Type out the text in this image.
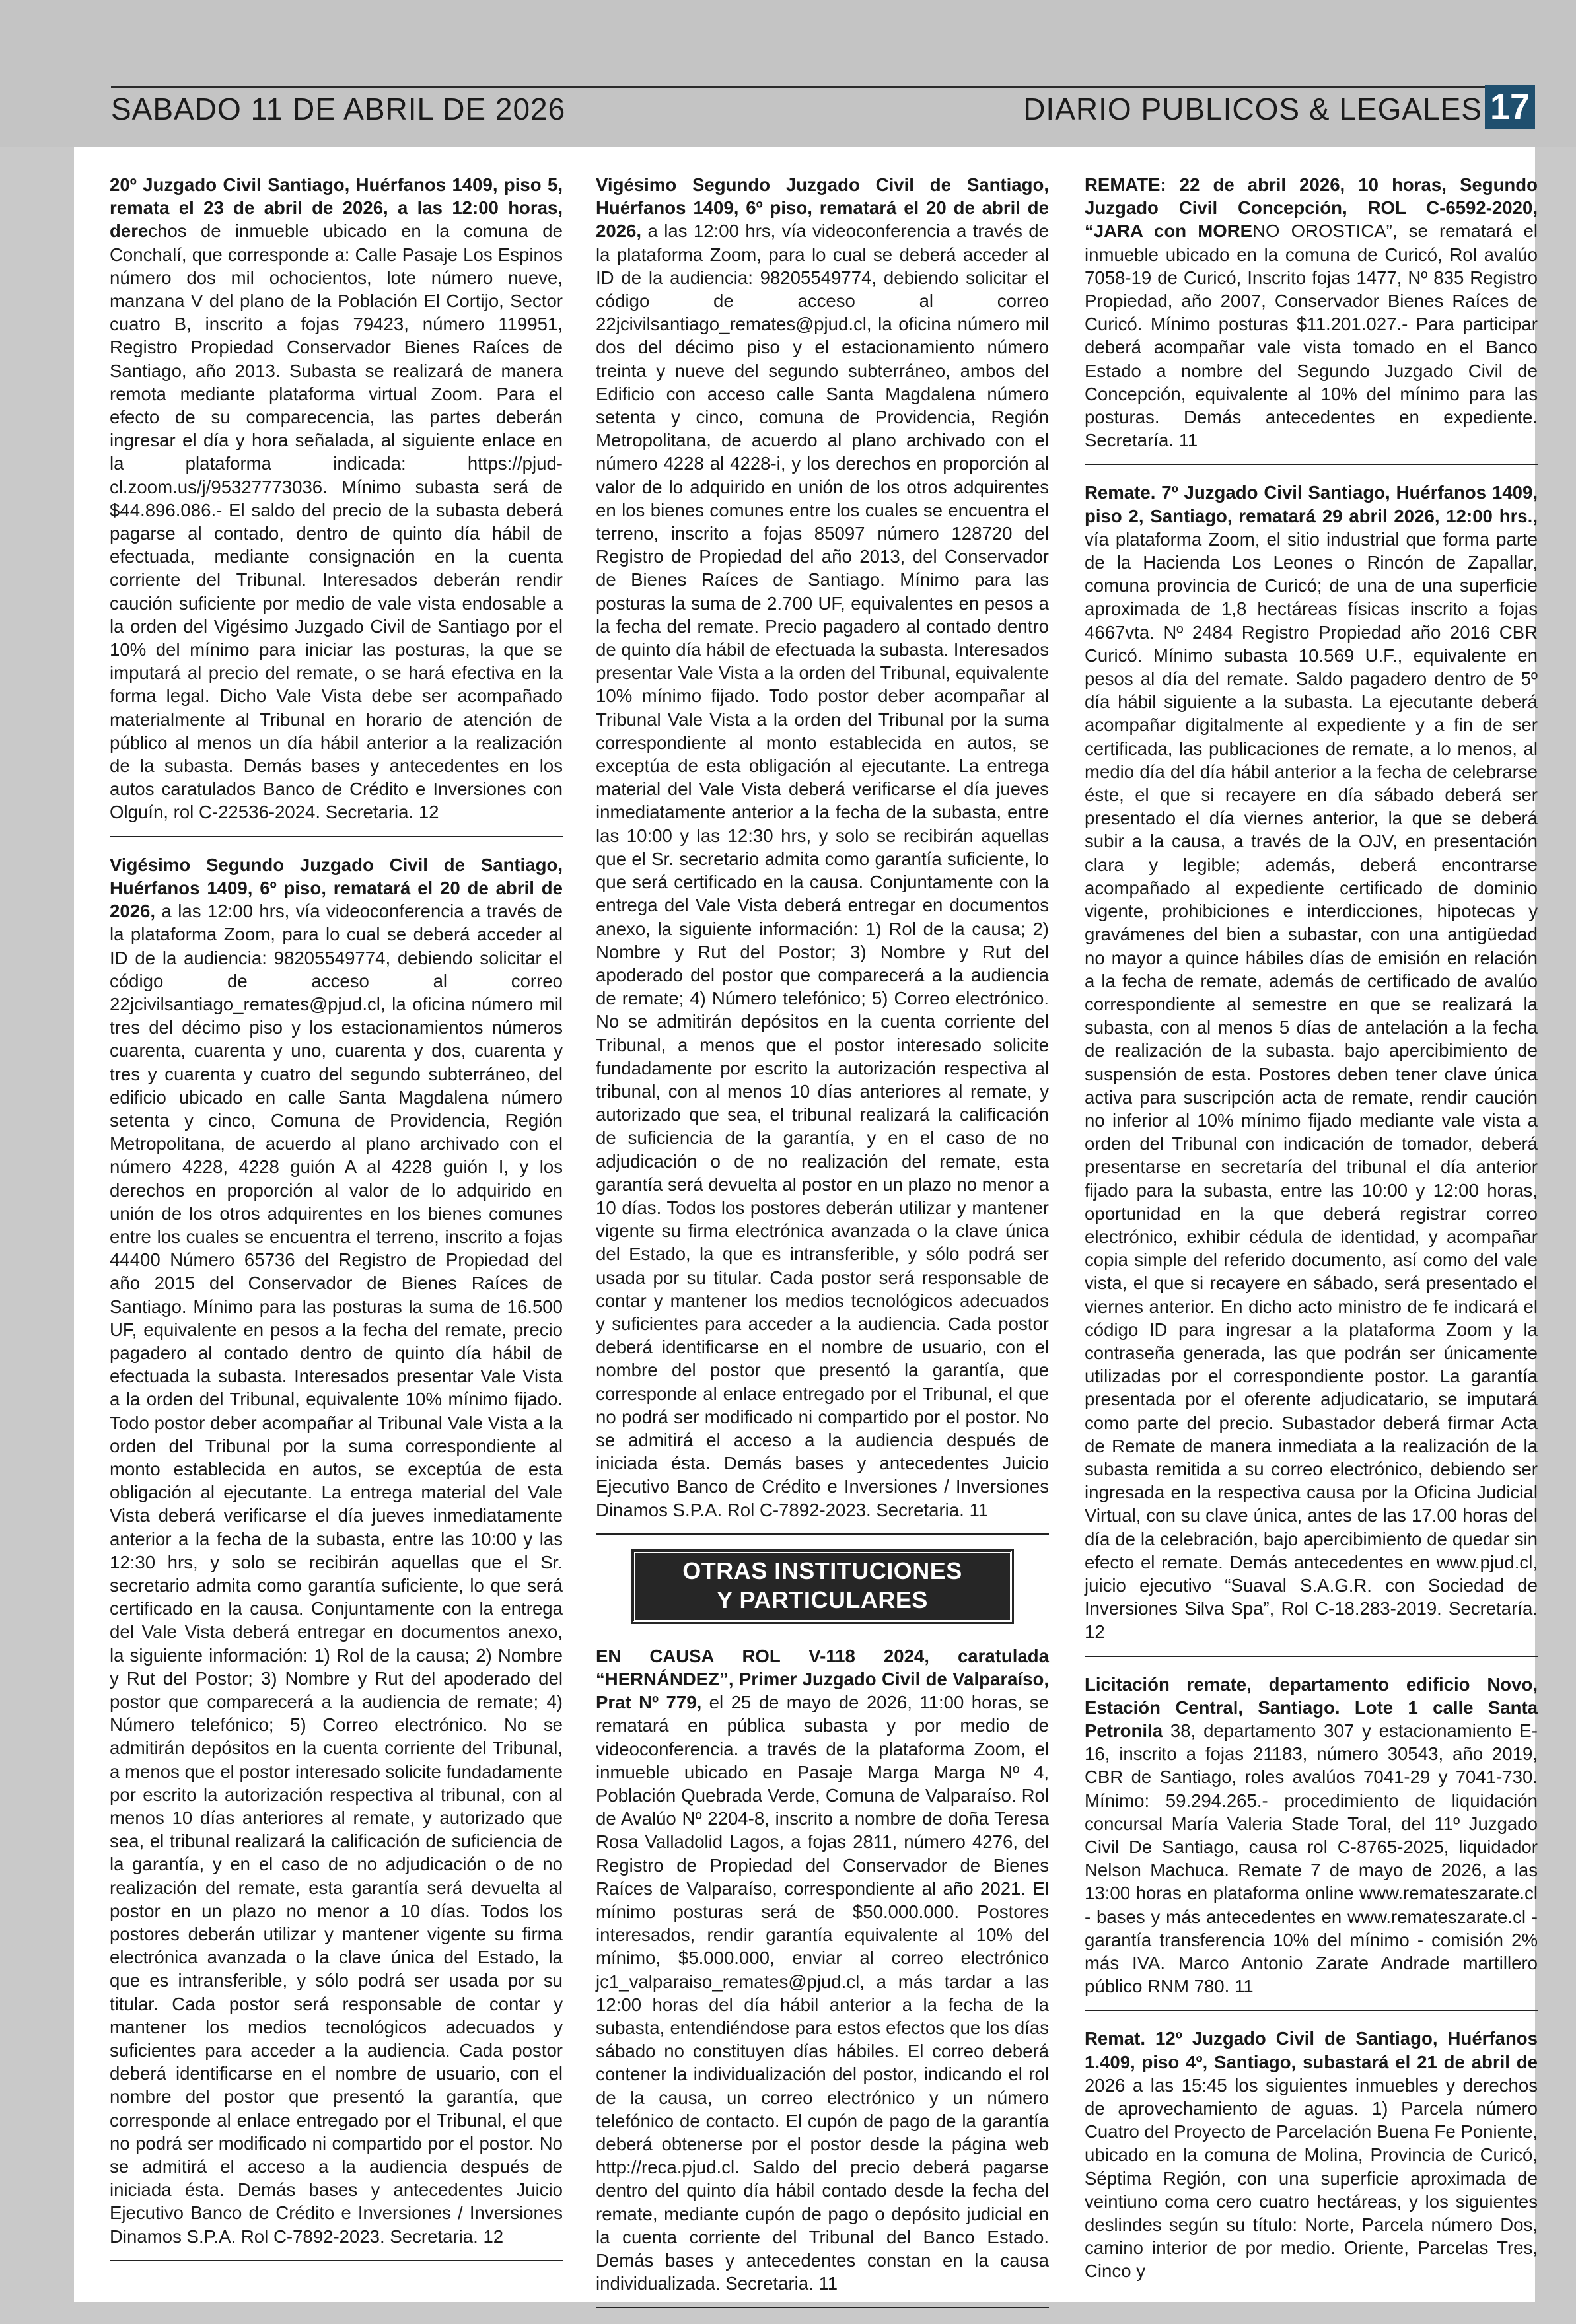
SABADO 11 DE ABRIL DE 2026	DIARIO PUBLICOS & LEGALES 17

20º Juzgado Civil Santiago, Huérfanos 1409, piso 5, remata el 23 de abril de 2026, a las 12:00 horas, derechos de inmueble ubicado en la comuna de Conchalí, que corresponde a: Calle Pasaje Los Espinos número dos mil ochocientos, lote número nueve, manzana V del plano de la Población El Cortijo, Sector cuatro B, inscrito a fojas 79423, número 119951, Registro Propiedad Conservador Bienes Raíces de Santiago, año 2013. Subasta se realizará de manera remota mediante plataforma virtual Zoom. Para el efecto de su comparecencia, las partes deberán ingresar el día y hora señalada, al siguiente enlace en la plataforma indicada: https://pjud-cl.zoom.us/j/95327773036. Mínimo subasta será de $44.896.086.- El saldo del precio de la subasta deberá pagarse al contado, dentro de quinto día hábil de efectuada, mediante consignación en la cuenta corriente del Tribunal. Interesados deberán rendir caución suficiente por medio de vale vista endosable a la orden del Vigésimo Juzgado Civil de Santiago por el 10% del mínimo para iniciar las posturas, la que se imputará al precio del remate, o se hará efectiva en la forma legal. Dicho Vale Vista debe ser acompañado materialmente al Tribunal en horario de atención de público al menos un día hábil anterior a la realización de la subasta. Demás bases y antecedentes en los autos caratulados Banco de Crédito e Inversiones con Olguín, rol C-22536-2024. Secretaria. 12

Vigésimo Segundo Juzgado Civil de Santiago, Huérfanos 1409, 6º piso, rematará el 20 de abril de 2026, a las 12:00 hrs, vía videoconferencia a través de la plataforma Zoom, para lo cual se deberá acceder al ID de la audiencia: 98205549774, debiendo solicitar el código de acceso al correo 22jcivilsantiago_remates@pjud.cl, la oficina número mil tres del décimo piso y los estacionamientos números cuarenta, cuarenta y uno, cuarenta y dos, cuarenta y tres y cuarenta y cuatro del segundo subterráneo, del edificio ubicado en calle Santa Magdalena número setenta y cinco, Comuna de Providencia, Región Metropolitana, de acuerdo al plano archivado con el número 4228, 4228 guión A al 4228 guión I, y los derechos en proporción al valor de lo adquirido en unión de los otros adquirentes en los bienes comunes entre los cuales se encuentra el terreno, inscrito a fojas 44400 Número 65736 del Registro de Propiedad del año 2015 del Conservador de Bienes Raíces de Santiago. Mínimo para las posturas la suma de 16.500 UF, equivalente en pesos a la fecha del remate, precio pagadero al contado dentro de quinto día hábil de efectuada la subasta. Interesados presentar Vale Vista a la orden del Tribunal, equivalente 10% mínimo fijado. Todo postor deber acompañar al Tribunal Vale Vista a la orden del Tribunal por la suma correspondiente al monto establecida en autos, se exceptúa de esta obligación al ejecutante. La entrega material del Vale Vista deberá verificarse el día jueves inmediatamente anterior a la fecha de la subasta, entre las 10:00 y las 12:30 hrs, y solo se recibirán aquellas que el Sr. secretario admita como garantía suficiente, lo que será certificado en la causa. Conjuntamente con la entrega del Vale Vista deberá entregar en documentos anexo, la siguiente información: 1) Rol de la causa; 2) Nombre y Rut del Postor; 3) Nombre y Rut del apoderado del postor que comparecerá a la audiencia de remate; 4) Número telefónico; 5) Correo electrónico. No se admitirán depósitos en la cuenta corriente del Tribunal, a menos que el postor interesado solicite fundadamente por escrito la autorización respectiva al tribunal, con al menos 10 días anteriores al remate, y autorizado que sea, el tribunal realizará la calificación de suficiencia de la garantía, y en el caso de no adjudicación o de no realización del remate, esta garantía será devuelta al postor en un plazo no menor a 10 días. Todos los postores deberán utilizar y mantener vigente su firma electrónica avanzada o la clave única del Estado, la que es intransferible, y sólo podrá ser usada por su titular. Cada postor será responsable de contar y mantener los medios tecnológicos adecuados y suficientes para acceder a la audiencia. Cada postor deberá identificarse en el nombre de usuario, con el nombre del postor que presentó la garantía, que corresponde al enlace entregado por el Tribunal, el que no podrá ser modificado ni compartido por el postor. No se admitirá el acceso a la audiencia después de iniciada ésta. Demás bases y antecedentes Juicio Ejecutivo Banco de Crédito e Inversiones / Inversiones Dinamos S.P.A. Rol C-7892-2023. Secretaria. 12

Vigésimo Segundo Juzgado Civil de Santiago, Huérfanos 1409, 6º piso, rematará el 20 de abril de 2026, a las 12:00 hrs, vía videoconferencia a través de la plataforma Zoom, para lo cual se deberá acceder al ID de la audiencia: 98205549774, debiendo solicitar el código de acceso al correo 22jcivilsantiago_remates@pjud.cl, la oficina número mil dos del décimo piso y el estacionamiento número treinta y nueve del segundo subterráneo, ambos del Edificio con acceso calle Santa Magdalena número setenta y cinco, comuna de Providencia, Región Metropolitana, de acuerdo al plano archivado con el número 4228 al 4228-i, y los derechos en proporción al valor de lo adquirido en unión de los otros adquirentes en los bienes comunes entre los cuales se encuentra el terreno, inscrito a fojas 85097 número 128720 del Registro de Propiedad del año 2013, del Conservador de Bienes Raíces de Santiago. Mínimo para las posturas la suma de 2.700 UF, equivalentes en pesos a la fecha del remate. Precio pagadero al contado dentro de quinto día hábil de efectuada la subasta. Interesados presentar Vale Vista a la orden del Tribunal, equivalente 10% mínimo fijado. Todo postor deber acompañar al Tribunal Vale Vista a la orden del Tribunal por la suma correspondiente al monto establecida en autos, se exceptúa de esta obligación al ejecutante. La entrega material del Vale Vista deberá verificarse el día jueves inmediatamente anterior a la fecha de la subasta, entre las 10:00 y las 12:30 hrs, y solo se recibirán aquellas que el Sr. secretario admita como garantía suficiente, lo que será certificado en la causa. Conjuntamente con la entrega del Vale Vista deberá entregar en documentos anexo, la siguiente información: 1) Rol de la causa; 2) Nombre y Rut del Postor; 3) Nombre y Rut del apoderado del postor que comparecerá a la audiencia de remate; 4) Número telefónico; 5) Correo electrónico. No se admitirán depósitos en la cuenta corriente del Tribunal, a menos que el postor interesado solicite fundadamente por escrito la autorización respectiva al tribunal, con al menos 10 días anteriores al remate, y autorizado que sea, el tribunal realizará la calificación de suficiencia de la garantía, y en el caso de no adjudicación o de no realización del remate, esta garantía será devuelta al postor en un plazo no menor a 10 días. Todos los postores deberán utilizar y mantener vigente su firma electrónica avanzada o la clave única del Estado, la que es intransferible, y sólo podrá ser usada por su titular. Cada postor será responsable de contar y mantener los medios tecnológicos adecuados y suficientes para acceder a la audiencia. Cada postor deberá identificarse en el nombre de usuario, con el nombre del postor que presentó la garantía, que corresponde al enlace entregado por el Tribunal, el que no podrá ser modificado ni compartido por el postor. No se admitirá el acceso a la audiencia después de iniciada ésta. Demás bases y antecedentes Juicio Ejecutivo Banco de Crédito e Inversiones / Inversiones Dinamos S.P.A. Rol C-7892-2023. Secretaria. 11

OTRAS INSTITUCIONES
Y PARTICULARES

EN CAUSA ROL V-118 2024, caratulada “HERNÁNDEZ”, Primer Juzgado Civil de Valparaíso, Prat Nº 779, el 25 de mayo de 2026, 11:00 horas, se rematará en pública subasta y por medio de videoconferencia. a través de la plataforma Zoom, el inmueble ubicado en Pasaje Marga Marga Nº 4, Población Quebrada Verde, Comuna de Valparaíso. Rol de Avalúo Nº 2204-8, inscrito a nombre de doña Teresa Rosa Valladolid Lagos, a fojas 2811, número 4276, del Registro de Propiedad del Conservador de Bienes Raíces de Valparaíso, correspondiente al año 2021. El mínimo posturas será de $50.000.000. Postores interesados, rendir garantía equivalente al 10% del mínimo, $5.000.000, enviar al correo electrónico jc1_valparaiso_remates@pjud.cl, a más tardar a las 12:00 horas del día hábil anterior a la fecha de la subasta, entendiéndose para estos efectos que los días sábado no constituyen días hábiles. El correo deberá contener la individualización del postor, indicando el rol de la causa, un correo electrónico y un número telefónico de contacto. El cupón de pago de la garantía deberá obtenerse por el postor desde la página web http://reca.pjud.cl. Saldo del precio deberá pagarse dentro del quinto día hábil contado desde la fecha del remate, mediante cupón de pago o depósito judicial en la cuenta corriente del Tribunal del Banco Estado. Demás bases y antecedentes constan en la causa individualizada. Secretaria. 11

REMATE: 22 de abril 2026, 10 horas, Segundo Juzgado Civil Concepción, ROL C-6592-2020, “JARA con MORENO OROSTICA”, se rematará el inmueble ubicado en la comuna de Curicó, Rol avalúo 7058-19 de Curicó, Inscrito fojas 1477, Nº 835 Registro Propiedad, año 2007, Conservador Bienes Raíces de Curicó. Mínimo posturas $11.201.027.- Para participar deberá acompañar vale vista tomado en el Banco Estado a nombre del Segundo Juzgado Civil de Concepción, equivalente al 10% del mínimo para las posturas. Demás antecedentes en expediente. Secretaría. 11

Remate. 7º Juzgado Civil Santiago, Huérfanos 1409, piso 2, Santiago, rematará 29 abril 2026, 12:00 hrs., vía plataforma Zoom, el sitio industrial que forma parte de la Hacienda Los Leones o Rincón de Zapallar, comuna provincia de Curicó; de una de una superficie aproximada de 1,8 hectáreas físicas inscrito a fojas 4667vta. Nº 2484 Registro Propiedad año 2016 CBR Curicó. Mínimo subasta 10.569 U.F., equivalente en pesos al día del remate. Saldo pagadero dentro de 5º día hábil siguiente a la subasta. La ejecutante deberá acompañar digitalmente al expediente y a fin de ser certificada, las publicaciones de remate, a lo menos, al medio día del día hábil anterior a la fecha de celebrarse éste, el que si recayere en día sábado deberá ser presentado el día viernes anterior, la que se deberá subir a la causa, a través de la OJV, en presentación clara y legible; además, deberá encontrarse acompañado al expediente certificado de dominio vigente, prohibiciones e interdicciones, hipotecas y gravámenes del bien a subastar, con una antigüedad no mayor a quince hábiles días de emisión en relación a la fecha de remate, además de certificado de avalúo correspondiente al semestre en que se realizará la subasta, con al menos 5 días de antelación a la fecha de realización de la subasta. bajo apercibimiento de suspensión de esta. Postores deben tener clave única activa para suscripción acta de remate, rendir caución no inferior al 10% mínimo fijado mediante vale vista a orden del Tribunal con indicación de tomador, deberá presentarse en secretaría del tribunal el día anterior fijado para la subasta, entre las 10:00 y 12:00 horas, oportunidad en la que deberá registrar correo electrónico, exhibir cédula de identidad, y acompañar copia simple del referido documento, así como del vale vista, el que si recayere en sábado, será presentado el viernes anterior. En dicho acto ministro de fe indicará el código ID para ingresar a la plataforma Zoom y la contraseña generada, las que podrán ser únicamente utilizadas por el correspondiente postor. La garantía presentada por el oferente adjudicatario, se imputará como parte del precio. Subastador deberá firmar Acta de Remate de manera inmediata a la realización de la subasta remitida a su correo electrónico, debiendo ser ingresada en la respectiva causa por la Oficina Judicial Virtual, con su clave única, antes de las 17.00 horas del día de la celebración, bajo apercibimiento de quedar sin efecto el remate. Demás antecedentes en www.pjud.cl, juicio ejecutivo “Suaval S.A.G.R. con Sociedad de Inversiones Silva Spa”, Rol C-18.283-2019. Secretaría. 12

Licitación remate, departamento edificio Novo, Estación Central, Santiago. Lote 1 calle Santa Petronila 38, departamento 307 y estacionamiento E-16, inscrito a fojas 21183, número 30543, año 2019, CBR de Santiago, roles avalúos 7041-29 y 7041-730. Mínimo: 59.294.265.- procedimiento de liquidación concursal María Valeria Stade Toral, del 11º Juzgado Civil De Santiago, causa rol C-8765-2025, liquidador Nelson Machuca. Remate 7 de mayo de 2026, a las 13:00 horas en plataforma online www.remateszarate.cl - bases y más antecedentes en www.remateszarate.cl - garantía transferencia 10% del mínimo - comisión 2% más IVA. Marco Antonio Zarate Andrade martillero público RNM 780. 11

Remat. 12º Juzgado Civil de Santiago, Huérfanos 1.409, piso 4º, Santiago, subastará el 21 de abril de 2026 a las 15:45 los siguientes inmuebles y derechos de aprovechamiento de aguas. 1) Parcela número Cuatro del Proyecto de Parcelación Buena Fe Poniente, ubicado en la comuna de Molina, Provincia de Curicó, Séptima Región, con una superficie aproximada de veintiuno coma cero cuatro hectáreas, y los siguientes deslindes según su título: Norte, Parcela número Dos, camino interior de por medio. Oriente, Parcelas Tres, Cinco y
